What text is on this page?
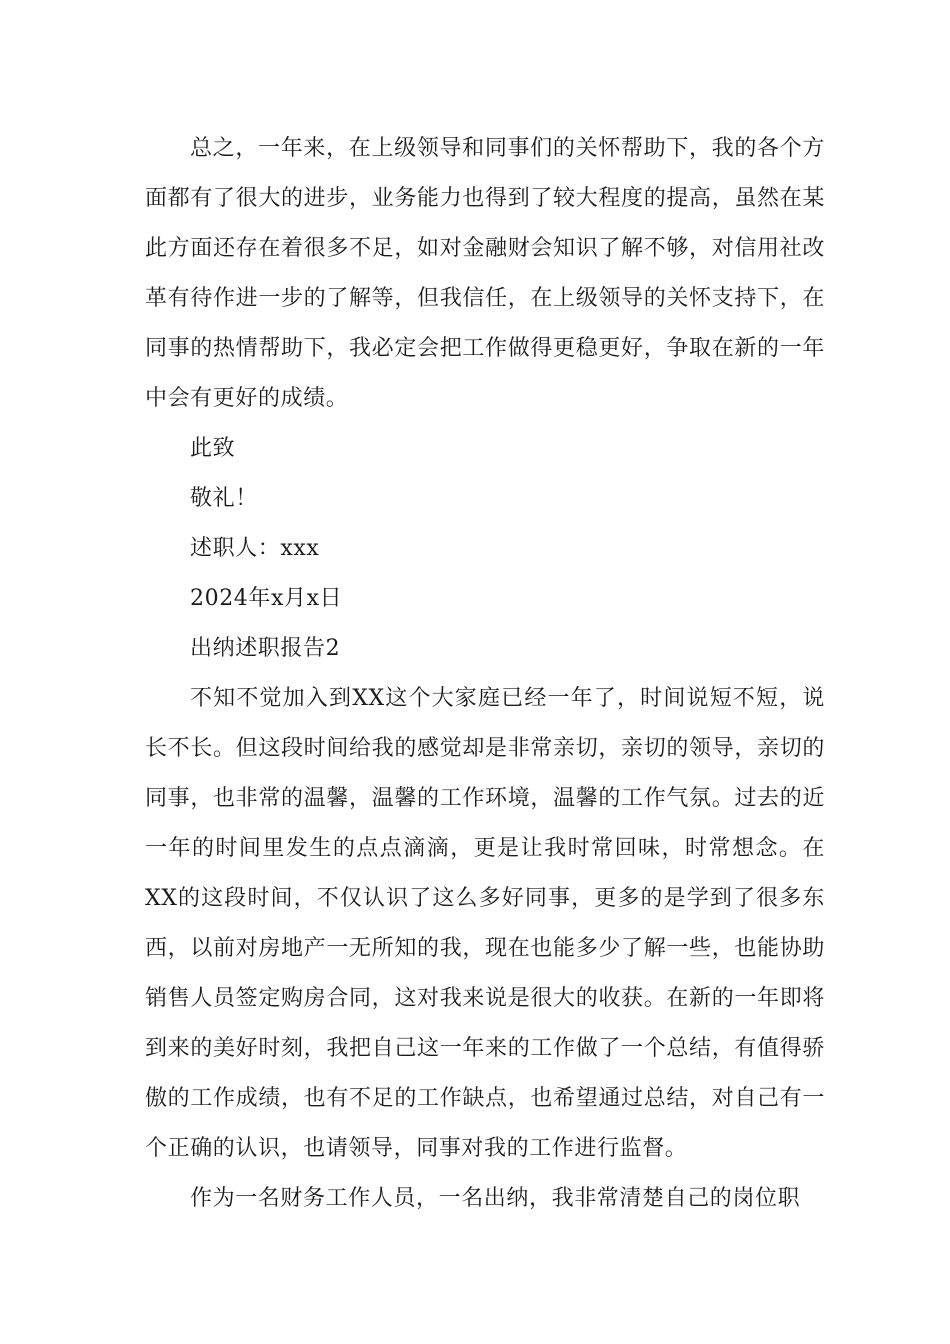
总之，一年来，在上级领导和同事们的关怀帮助下，我的各个方面都有了很大的进步，业务能力也得到了较大程度的提高，虽然在某此方面还存在着很多不足，如对金融财会知识了解不够，对信用社改革有待作进一步的了解等，但我信任，在上级领导的关怀支持下，在同事的热情帮助下，我必定会把工作做得更稳更好，争取在新的一年中会有更好的成绩。

此致

敬礼！

述职人：xxx

2024年x月x日

出纳述职报告2

不知不觉加入到XX这个大家庭已经一年了，时间说短不短，说长不长。但这段时间给我的感觉却是非常亲切，亲切的领导，亲切的同事，也非常的温馨，温馨的工作环境，温馨的工作气氛。过去的近一年的时间里发生的点点滴滴，更是让我时常回味，时常想念。在XX的这段时间，不仅认识了这么多好同事，更多的是学到了很多东西，以前对房地产一无所知的我，现在也能多少了解一些，也能协助销售人员签定购房合同，这对我来说是很大的收获。在新的一年即将到来的美好时刻，我把自己这一年来的工作做了一个总结，有值得骄傲的工作成绩，也有不足的工作缺点，也希望通过总结，对自己有一个正确的认识，也请领导，同事对我的工作进行监督。

作为一名财务工作人员，一名出纳，我非常清楚自己的岗位职
